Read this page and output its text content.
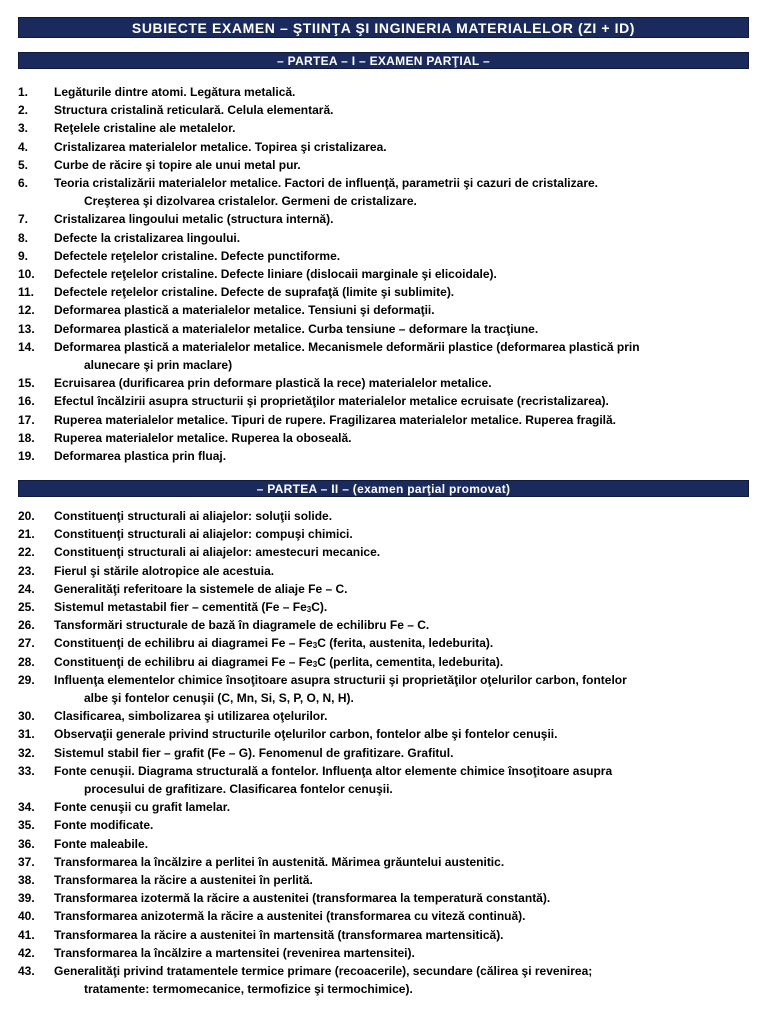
SUBIECTE EXAMEN – ŞTIINŢA ŞI INGINERIA MATERIALELOR (ZI + ID)
– PARTEA – I – EXAMEN PARŢIAL –
1.	Legăturile dintre atomi. Legătura metalică.
2.	Structura cristalină reticulară. Celula elementară.
3.	Reţelele cristaline ale metalelor.
4.	Cristalizarea materialelor metalice. Topirea şi cristalizarea.
5.	Curbe de răcire şi topire ale unui metal pur.
6.	Teoria cristalizării materialelor metalice. Factori de influenţă, parametrii şi cazuri de cristalizare.
Creşterea şi dizolvarea cristalelor. Germeni de cristalizare.
7.	Cristalizarea lingoului metalic (structura internă).
8.	Defecte la cristalizarea lingoului.
9.	Defectele reţelelor cristaline. Defecte punctiforme.
10.	Defectele reţelelor cristaline. Defecte liniare (dislocaii marginale şi elicoidale).
11.	Defectele reţelelor cristaline. Defecte de suprafaţă (limite şi sublimite).
12.	Deformarea plastică a materialelor metalice. Tensiuni şi deformaţii.
13.	Deformarea plastică a materialelor metalice. Curba tensiune – deformare la tracţiune.
14.	Deformarea plastică a materialelor metalice. Mecanismele deformării plastice (deformarea plastică prin
alunecare şi prin maclare)
15.	Ecruisarea (durificarea prin deformare plastică la rece) materialelor metalice.
16.	Efectul încălzirii asupra structurii şi proprietăţilor materialelor metalice ecruisate (recristalizarea).
17.	Ruperea materialelor metalice. Tipuri de rupere. Fragilizarea materialelor metalice. Ruperea fragilă.
18.	Ruperea materialelor metalice. Ruperea la oboseală.
19.	Deformarea plastica prin fluaj.
– PARTEA – II – (examen parţial promovat)
20.	Constituenţi structurali ai aliajelor: soluţii solide.
21.	Constituenţi structurali ai aliajelor: compuşi chimici.
22.	Constituenţi structurali ai aliajelor: amestecuri mecanice.
23.	Fierul şi stările alotropice ale acestuia.
24.	Generalităţi referitoare la sistemele de aliaje Fe – C.
25.	Sistemul metastabil fier – cementită $(Fe - Fe_3C)$.
26.	Tansformări structurale de bază în diagramele de echilibru Fe – C.
27.	Constituenţi de echilibru ai diagramei Fe – $Fe_3C$ (ferita, austenita, ledeburita).
28.	Constituenţi de echilibru ai diagramei Fe – $Fe_3C$ (perlita, cementita, ledeburita).
29.	Influenţa elementelor chimice însoţitoare asupra structurii şi proprietăţilor oţelurilor carbon, fontelor
albe şi fontelor cenuşii (C, Mn, Si, S, P, O, N, H).
30.	Clasificarea, simbolizarea şi utilizarea oţelurilor.
31.	Observaţii generale privind structurile oţelurilor carbon, fontelor albe şi fontelor cenuşii.
32.	Sistemul stabil fier – grafit (Fe – G). Fenomenul de grafitizare. Grafitul.
33.	Fonte cenuşii. Diagrama structurală a fontelor. Influenţa altor elemente chimice însoţitoare asupra
procesului de grafitizare. Clasificarea fontelor cenuşii.
34.	Fonte cenuşii cu grafit lamelar.
35.	Fonte modificate.
36.	Fonte maleabile.
37.	Transformarea la încălzire a perlitei în austenită. Mărimea grăuntelui austenitic.
38.	Transformarea la răcire a austenitei în perlită.
39.	Transformarea izotermă la răcire a austenitei (transformarea la temperatură constantă).
40.	Transformarea anizotermă la răcire a austenitei (transformarea cu viteză continuă).
41.	Transformarea la răcire a austenitei în martensită (transformarea martensitică).
42.	Transformarea la încălzire a martensitei (revenirea martensitei).
43.	Generalităţi privind tratamentele termice primare (recoacerile), secundare (călirea şi revenirea;
tratamente: termomecanice, termofizice şi termochimice).
